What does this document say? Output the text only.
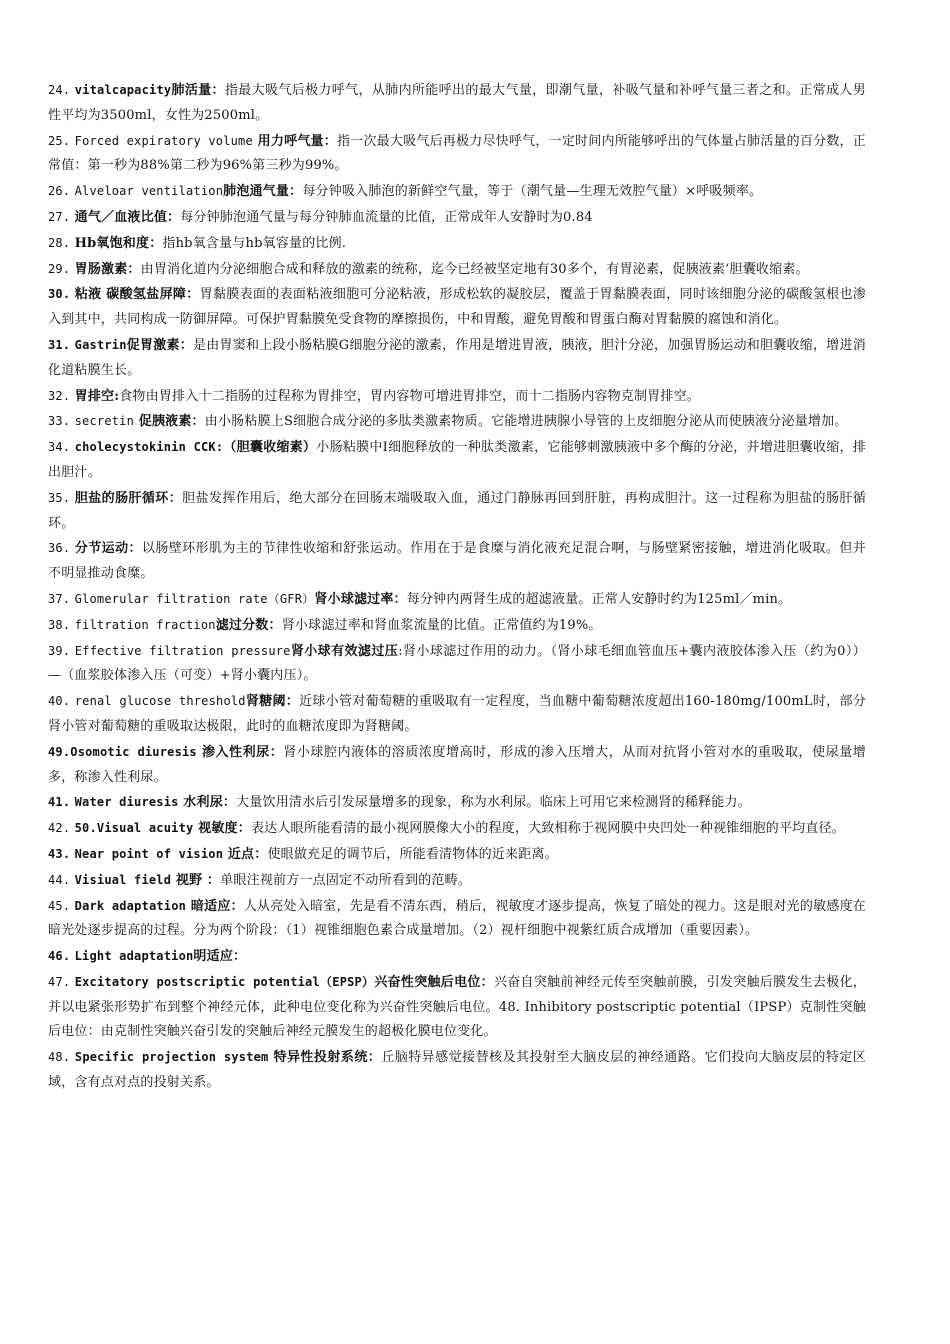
24. vitalcapacity肺活量：指最大吸气后极力呼气，从肺内所能呼出的最大气量，即潮气量，补吸气量和补呼气量三者之和。正常成人男性平均为3500ml，女性为2500ml。

25. Forced expiratory volume 用力呼气量：指一次最大吸气后再极力尽快呼气，一定时间内所能够呼出的气体量占肺活量的百分数，正常值：第一秒为88%第二秒为96%第三秒为99%。

26. Alveloar ventilation肺泡通气量：每分钟吸入肺泡的新鲜空气量，等于（潮气量—生理无效腔气量）×呼吸频率。

27. 通气／血液比值：每分钟肺泡通气量与每分钟肺血流量的比值，正常成年人安静时为0.84

28. Hb氧饱和度：指hb氧含量与hb氧容量的比例.

29. 胃肠激素：由胃消化道内分泌细胞合成和释放的激素的统称，迄今已经被坚定地有30多个，有胃泌素，促胰液素‘胆囊收缩素。

30. 粘液 碳酸氢盐屏障：胃黏膜表面的表面粘液细胞可分泌粘液，形成松软的凝胶层，覆盖于胃黏膜表面，同时该细胞分泌的碳酸氢根也渗入到其中，共同构成一防御屏障。可保护胃黏膜免受食物的摩擦损伤，中和胃酸，避免胃酸和胃蛋白酶对胃黏膜的腐蚀和消化。

31. Gastrin促胃激素：是由胃窦和上段小肠粘膜G细胞分泌的激素，作用是增进胃液，胰液，胆汁分泌，加强胃肠运动和胆囊收缩，增进消化道粘膜生长。

32. 胃排空:食物由胃排入十二指肠的过程称为胃排空，胃内容物可增进胃排空，而十二指肠内容物克制胃排空。

33. secretin 促胰液素：由小肠粘膜上S细胞合成分泌的多肽类激素物质。它能增进胰腺小导管的上皮细胞分泌从而使胰液分泌量增加。

34. cholecystokinin CCK:（胆囊收缩素）小肠粘膜中I细胞释放的一种肽类激素，它能够刺激胰液中多个酶的分泌，并增进胆囊收缩，排出胆汁。

35. 胆盐的肠肝循环：胆盐发挥作用后，绝大部分在回肠末端吸取入血，通过门静脉再回到肝脏，再构成胆汁。这一过程称为胆盐的肠肝循环。

36. 分节运动：以肠壁环形肌为主的节律性收缩和舒张运动。作用在于是食糜与消化液充足混合啊，与肠壁紧密接触，增进消化吸取。但并不明显推动食糜。

37. Glomerular filtration rate（GFR）肾小球滤过率：每分钟内两肾生成的超滤液量。正常人安静时约为125ml／min。

38. filtration fraction滤过分数：肾小球滤过率和肾血浆流量的比值。正常值约为19%。

39. Effective filtration pressure肾小球有效滤过压:肾小球滤过作用的动力。（肾小球毛细血管血压+囊内液胶体渗入压（约为0））—（血浆胶体渗入压（可变）+肾小囊内压）。

40. renal glucose threshold肾糖阈：近球小管对葡萄糖的重吸取有一定程度，当血糖中葡萄糖浓度超出160-180mg/100mL时，部分肾小管对葡萄糖的重吸取达极限，此时的血糖浓度即为肾糖阈。

49.Osomotic diuresis 渗入性利尿：肾小球腔内液体的溶质浓度增高时，形成的渗入压增大，从而对抗肾小管对水的重吸取，使尿量增多，称渗入性利尿。

41. Water diuresis 水利尿：大量饮用清水后引发尿量增多的现象，称为水利尿。临床上可用它来检测肾的稀释能力。

42. 50.Visual acuity 视敏度：表达人眼所能看清的最小视网膜像大小的程度，大致相称于视网膜中央凹处一种视锥细胞的平均直径。

43. Near point of vision 近点：使眼做充足的调节后，所能看清物体的近来距离。

44. Visiual field 视野 ：单眼注视前方一点固定不动所看到的范畴。

45. Dark adaptation 暗适应：人从亮处入暗室，先是看不清东西，稍后，视敏度才逐步提高，恢复了暗处的视力。这是眼对光的敏感度在暗光处逐步提高的过程。分为两个阶段：（1）视锥细胞色素合成量增加。（2）视杆细胞中视紫红质合成增加（重要因素）。

46. Light adaptation明适应：

47. Excitatory postscriptic potential（EPSP）兴奋性突触后电位：兴奋自突触前神经元传至突触前膜，引发突触后膜发生去极化，并以电紧张形势扩布到整个神经元体，此种电位变化称为兴奋性突触后电位。48. Inhibitory postscriptic potential（IPSP）克制性突触后电位：由克制性突触兴奋引发的突触后神经元膜发生的超极化膜电位变化。

48. Specific projection system 特异性投射系统：丘脑特异感觉接替核及其投射至大脑皮层的神经通路。它们投向大脑皮层的特定区域，含有点对点的投射关系。
